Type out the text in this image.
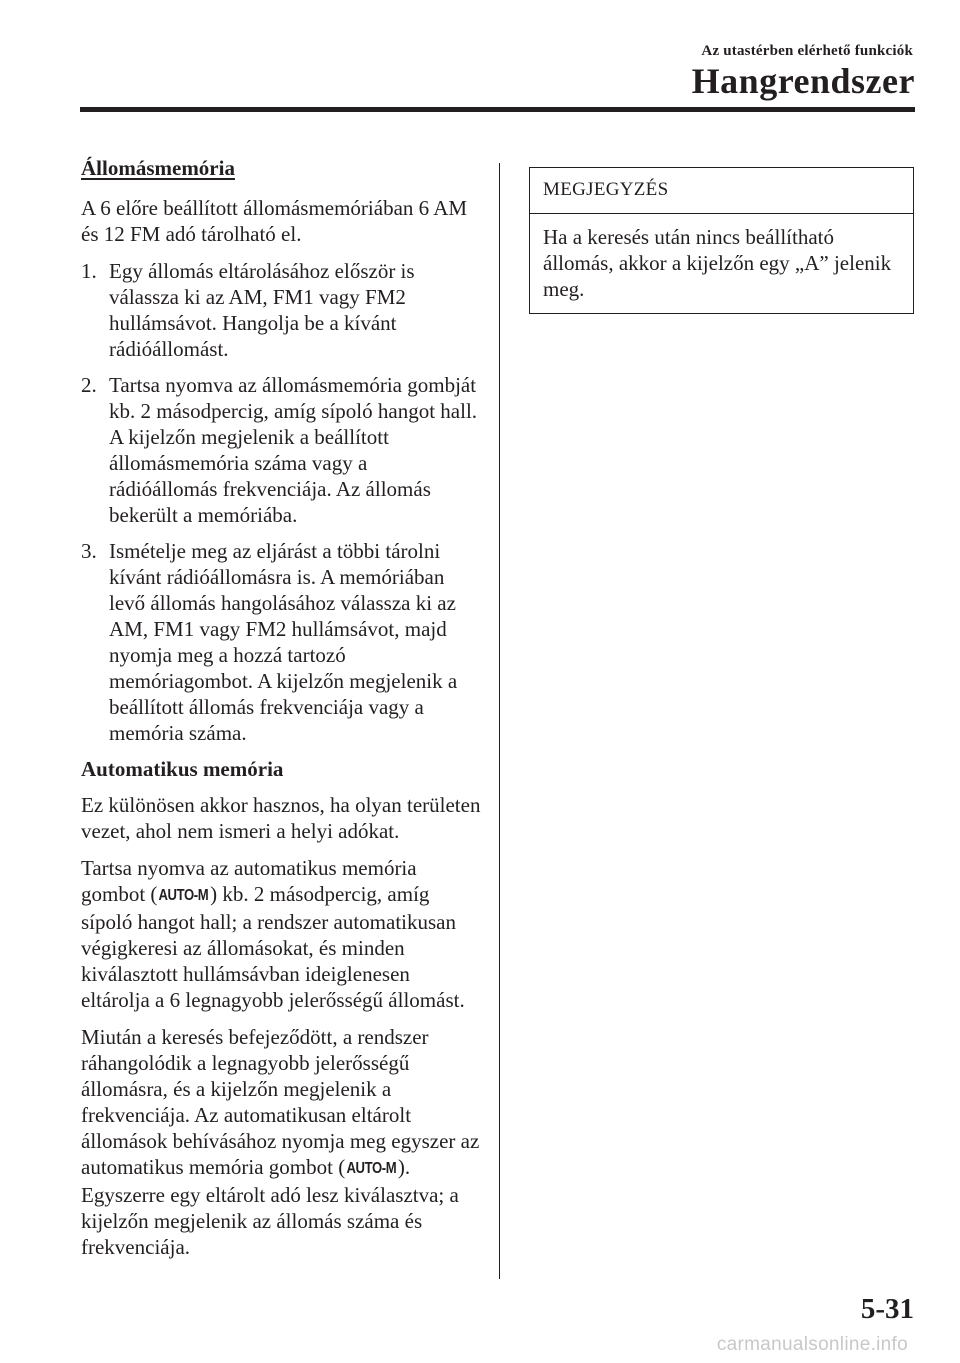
Az utastérben elérhető funkciók
Hangrendszer
Állomásmemória

A 6 előre beállított állomásmemóriában 6 AM és 12 FM adó tárolható el.

1. Egy állomás eltárolásához először is válassza ki az AM, FM1 vagy FM2 hullámsávot. Hangolja be a kívánt rádióállomást.
2. Tartsa nyomva az állomásmemória gombját kb. 2 másodpercig, amíg sípoló hangot hall. A kijelzőn megjelenik a beállított állomásmemória száma vagy a rádióállomás frekvenciája. Az állomás bekerült a memóriába.
3. Ismételje meg az eljárást a többi tárolni kívánt rádióállomásra is. A memóriában levő állomás hangolásához válassza ki az AM, FM1 vagy FM2 hullámsávot, majd nyomja meg a hozzá tartozó memóriagombot. A kijelzőn megjelenik a beállított állomás frekvenciája vagy a memória száma.
Automatikus memória

Ez különösen akkor hasznos, ha olyan területen vezet, ahol nem ismeri a helyi adókat.

Tartsa nyomva az automatikus memória gombot (AUTO-M) kb. 2 másodpercig, amíg sípoló hangot hall; a rendszer automatikusan végigkeresi az állomásokat, és minden kiválasztott hullámsávban ideiglenesen eltárolja a 6 legnagyobb jelerősségű állomást.

Miután a keresés befejeződött, a rendszer ráhangolódik a legnagyobb jelerősségű állomásra, és a kijelzőn megjelenik a frekvenciája. Az automatikusan eltárolt állomások behívásához nyomja meg egyszer az automatikus memória gombot (AUTO-M). Egyszerre egy eltárolt adó lesz kiválasztva; a kijelzőn megjelenik az állomás száma és frekvenciája.

MEGJEGYZÉS
Ha a keresés után nincs beállítható állomás, akkor a kijelzőn egy „A” jelenik meg.
5-31
carmanualsonline.info
